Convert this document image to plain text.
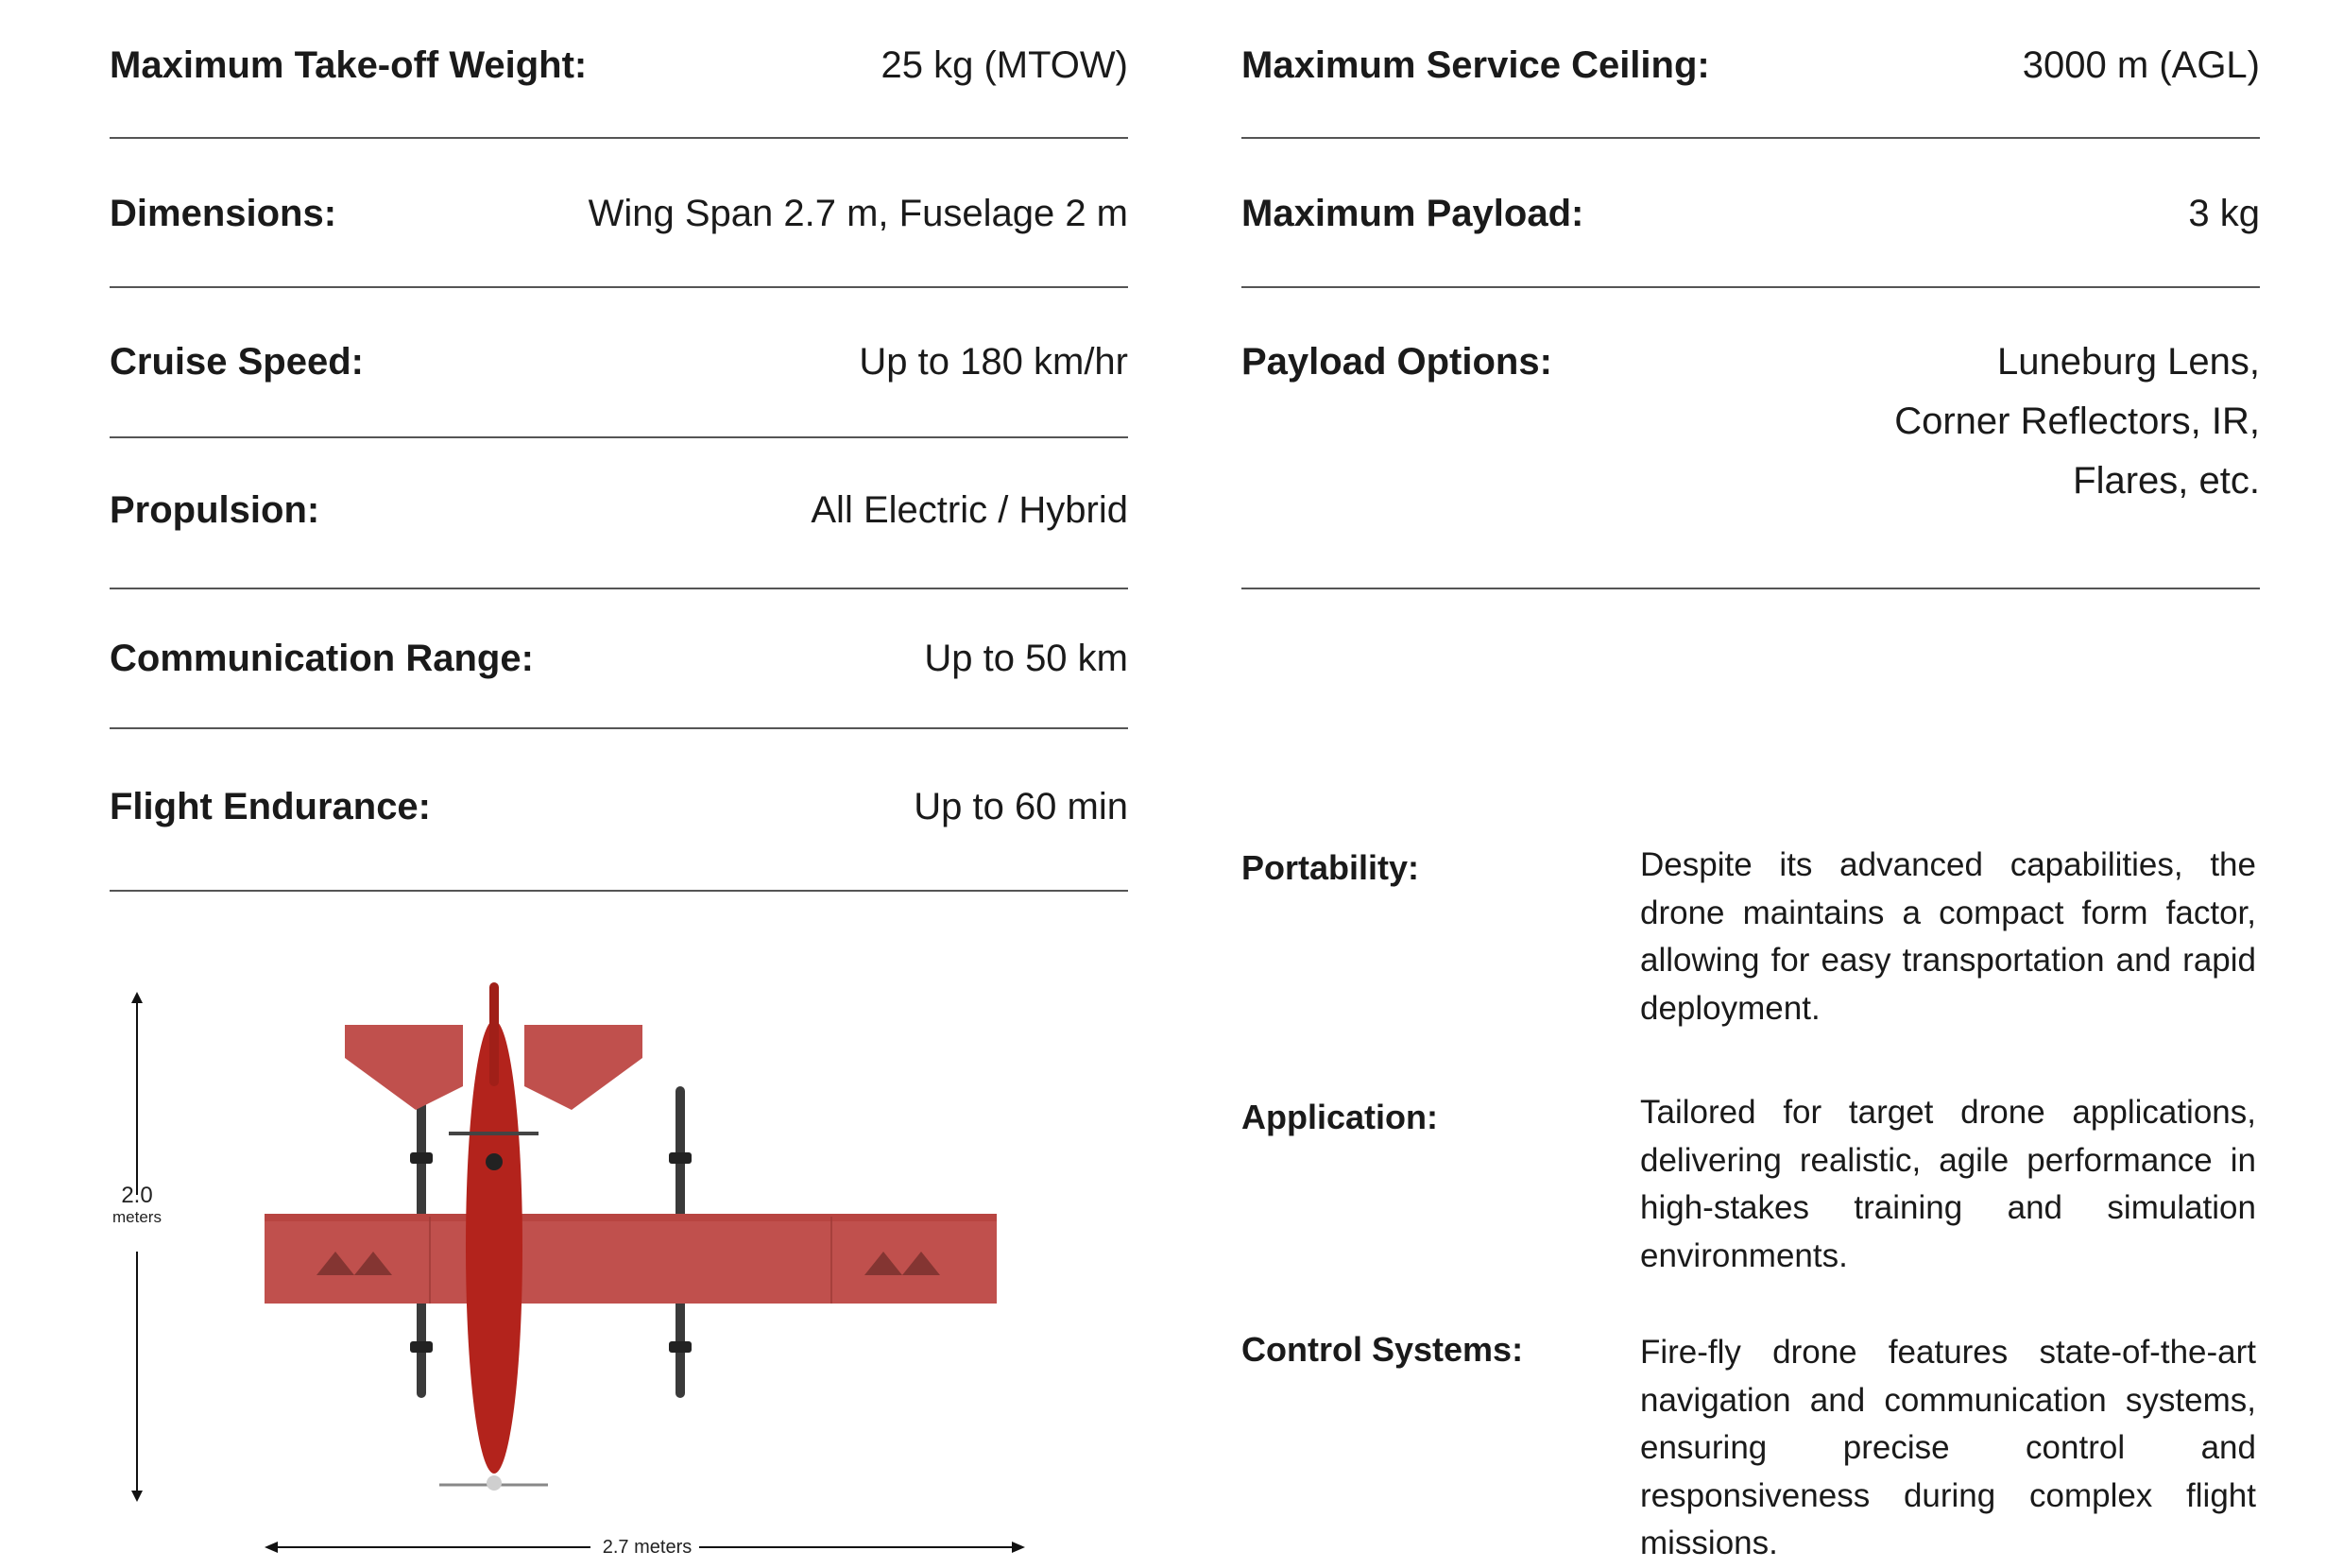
Maximum Take-off Weight:	25 kg (MTOW)
Dimensions:	Wing Span 2.7 m, Fuselage 2 m
Cruise Speed:	Up to 180 km/hr
Propulsion:	All Electric / Hybrid
Communication Range:	Up to 50 km
Flight Endurance:	Up to 60 min
Maximum Service Ceiling:	3000 m (AGL)
Maximum Payload:	3 kg
Payload Options:	Luneburg Lens,
Corner Reflectors, IR,
Flares, etc.
Portability:	Despite its advanced capabilities, the drone maintains a compact form factor, allowing for easy transportation and rapid deployment.
Application:	Tailored for target drone applications, delivering realistic, agile performance in high-stakes training and simulation environments.
Control Systems:	Fire-fly drone features state-of-the-art navigation and communication systems, ensuring precise control and responsiveness during complex flight missions.
2.0
meters
2.7 meters
